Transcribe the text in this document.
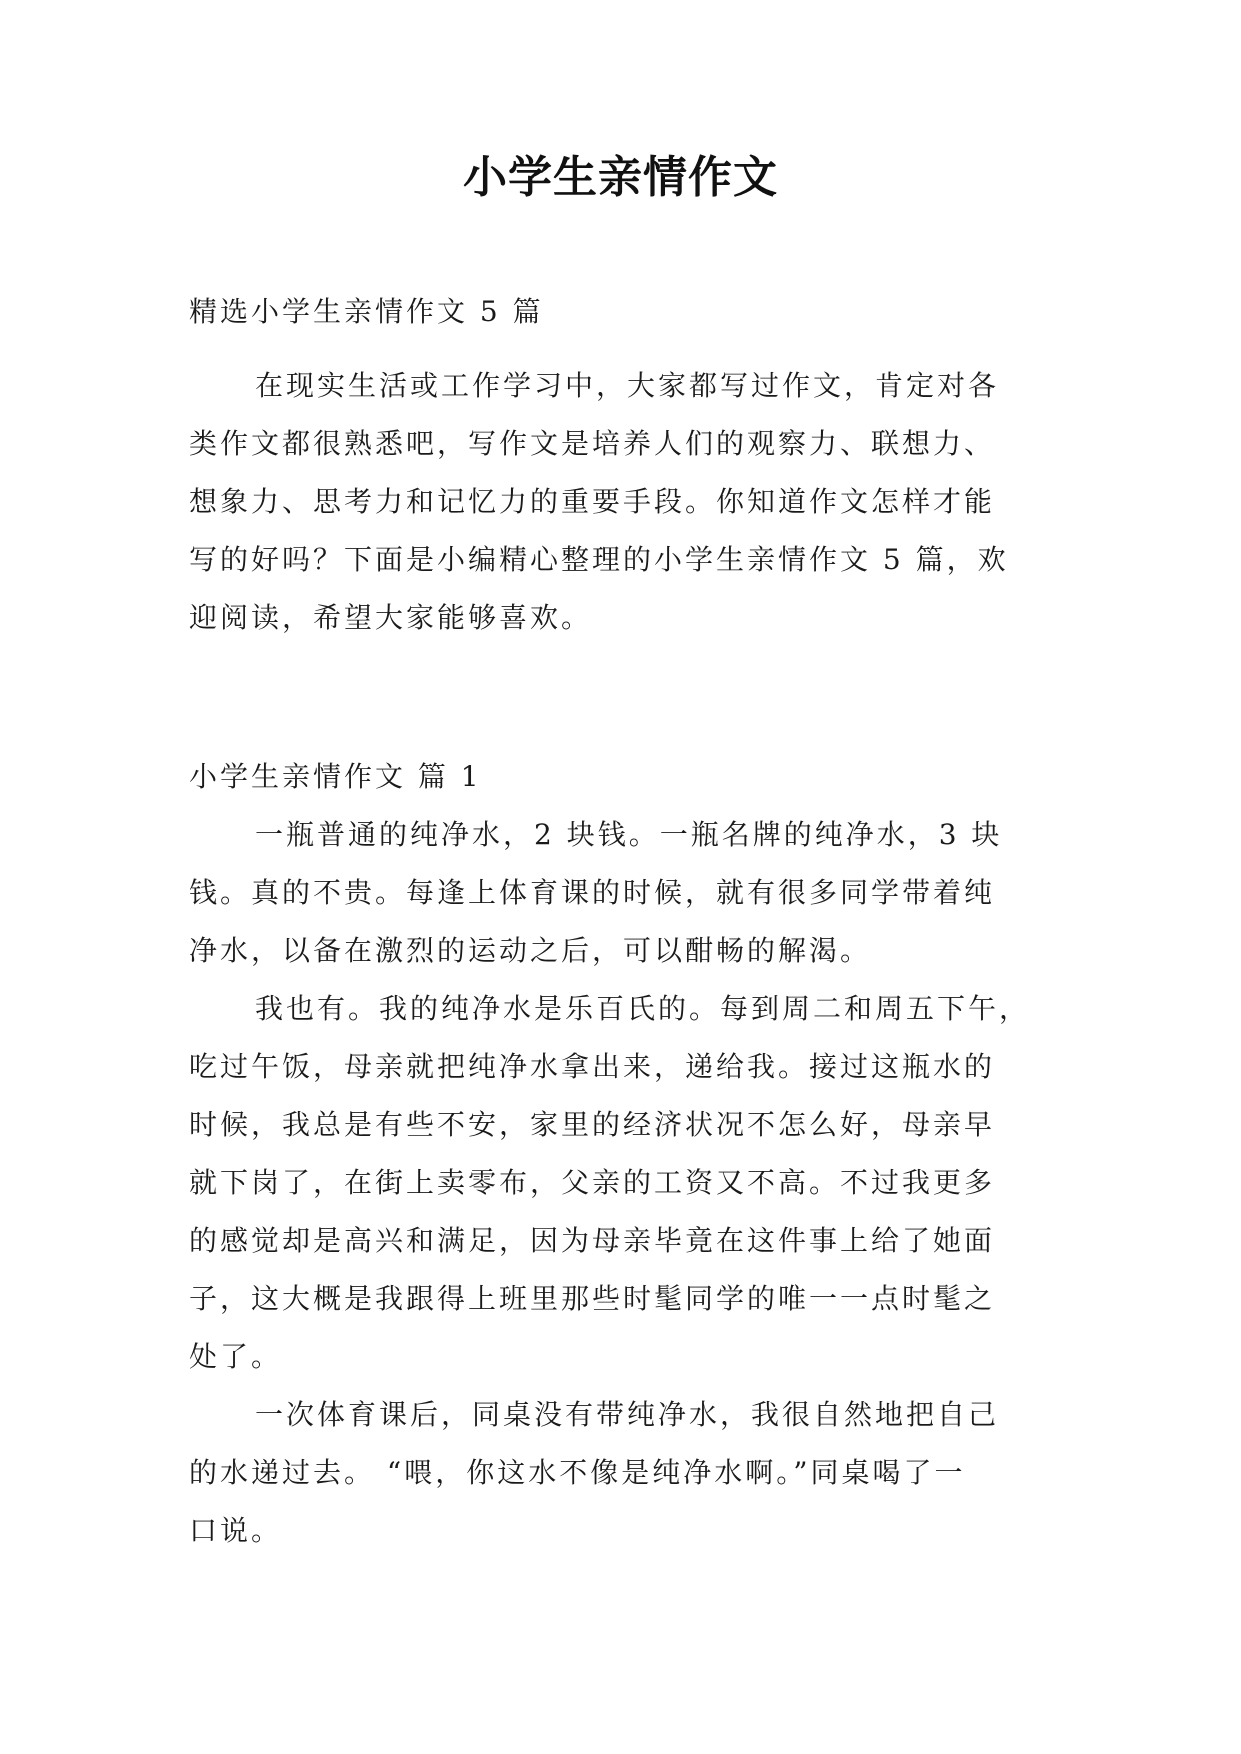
小学生亲情作文
精选小学生亲情作文 5 篇
在现实生活或工作学习中，大家都写过作文，肯定对各
类作文都很熟悉吧，写作文是培养人们的观察力、联想力、
想象力、思考力和记忆力的重要手段。你知道作文怎样才能
写的好吗？下面是小编精心整理的小学生亲情作文 5 篇，欢
迎阅读，希望大家能够喜欢。
小学生亲情作文 篇 1
一瓶普通的纯净水，2 块钱。一瓶名牌的纯净水，3 块
钱。真的不贵。每逢上体育课的时候，就有很多同学带着纯
净水，以备在激烈的运动之后，可以酣畅的解渴。
我也有。我的纯净水是乐百氏的。每到周二和周五下午，
吃过午饭，母亲就把纯净水拿出来，递给我。接过这瓶水的
时候，我总是有些不安，家里的经济状况不怎么好，母亲早
就下岗了，在街上卖零布，父亲的工资又不高。不过我更多
的感觉却是高兴和满足，因为母亲毕竟在这件事上给了她面
子，这大概是我跟得上班里那些时髦同学的唯一一点时髦之
处了。
一次体育课后，同桌没有带纯净水，我很自然地把自己
的水递过去。 “喂，你这水不像是纯净水啊。”同桌喝了一
口说。
